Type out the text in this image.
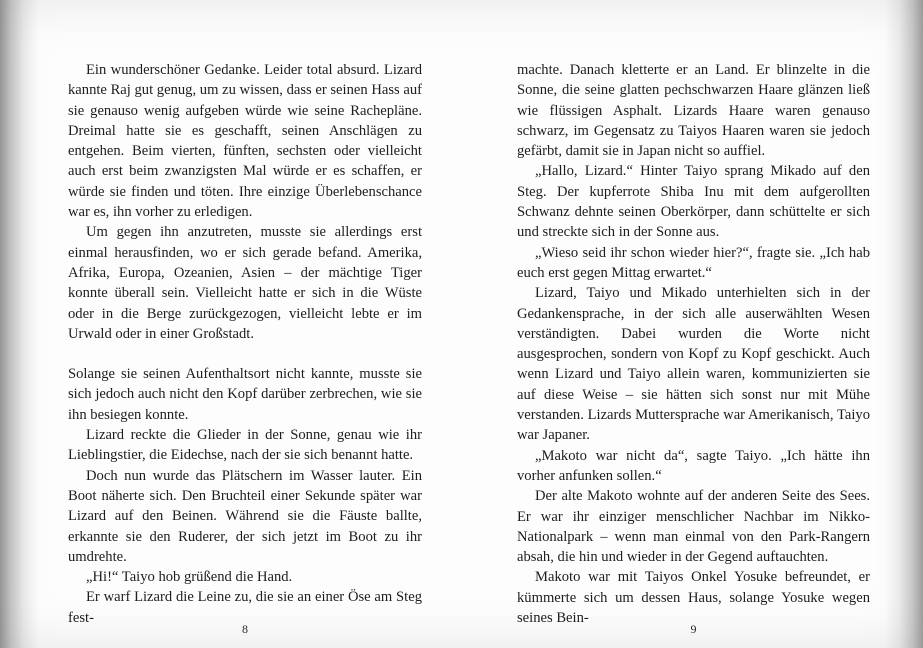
Ein wunderschöner Gedanke. Leider total absurd. Lizard kannte Raj gut genug, um zu wissen, dass er seinen Hass auf sie genauso wenig aufgeben würde wie seine Rachepläne. Dreimal hatte sie es geschafft, seinen Anschlägen zu entgehen. Beim vierten, fünften, sechsten oder vielleicht auch erst beim zwanzigsten Mal würde er es schaffen, er würde sie finden und töten. Ihre einzige Überlebenschance war es, ihn vorher zu erledigen.

Um gegen ihn anzutreten, musste sie allerdings erst einmal herausfinden, wo er sich gerade befand. Amerika, Afrika, Europa, Ozeanien, Asien – der mächtige Tiger konnte überall sein. Vielleicht hatte er sich in die Wüste oder in die Berge zurückgezogen, vielleicht lebte er im Urwald oder in einer Großstadt.

Solange sie seinen Aufenthaltsort nicht kannte, musste sie sich jedoch auch nicht den Kopf darüber zerbrechen, wie sie ihn besiegen konnte.

Lizard reckte die Glieder in der Sonne, genau wie ihr Lieblingstier, die Eidechse, nach der sie sich benannt hatte.

Doch nun wurde das Plätschern im Wasser lauter. Ein Boot näherte sich. Den Bruchteil einer Sekunde später war Lizard auf den Beinen. Während sie die Fäuste ballte, erkannte sie den Ruderer, der sich jetzt im Boot zu ihr umdrehte.

„Hi!“ Taiyo hob grüßend die Hand.

Er warf Lizard die Leine zu, die sie an einer Öse am Steg fest-

8

machte. Danach kletterte er an Land. Er blinzelte in die Sonne, die seine glatten pechschwarzen Haare glänzen ließ wie flüssigen Asphalt. Lizards Haare waren genauso schwarz, im Gegensatz zu Taiyos Haaren waren sie jedoch gefärbt, damit sie in Japan nicht so auffiel.

„Hallo, Lizard.“ Hinter Taiyo sprang Mikado auf den Steg. Der kupferrote Shiba Inu mit dem aufgerollten Schwanz dehnte seinen Oberkörper, dann schüttelte er sich und streckte sich in der Sonne aus.

„Wieso seid ihr schon wieder hier?“, fragte sie. „Ich hab euch erst gegen Mittag erwartet.“

Lizard, Taiyo und Mikado unterhielten sich in der Gedankensprache, in der sich alle auserwählten Wesen verständigten. Dabei wurden die Worte nicht ausgesprochen, sondern von Kopf zu Kopf geschickt. Auch wenn Lizard und Taiyo allein waren, kommunizierten sie auf diese Weise – sie hätten sich sonst nur mit Mühe verstanden. Lizards Muttersprache war Amerikanisch, Taiyo war Japaner.

„Makoto war nicht da“, sagte Taiyo. „Ich hätte ihn vorher anfunken sollen.“

Der alte Makoto wohnte auf der anderen Seite des Sees. Er war ihr einziger menschlicher Nachbar im Nikko-Nationalpark – wenn man einmal von den Park-Rangern absah, die hin und wieder in der Gegend auftauchten.

Makoto war mit Taiyos Onkel Yosuke befreundet, er kümmerte sich um dessen Haus, solange Yosuke wegen seines Bein-

9
